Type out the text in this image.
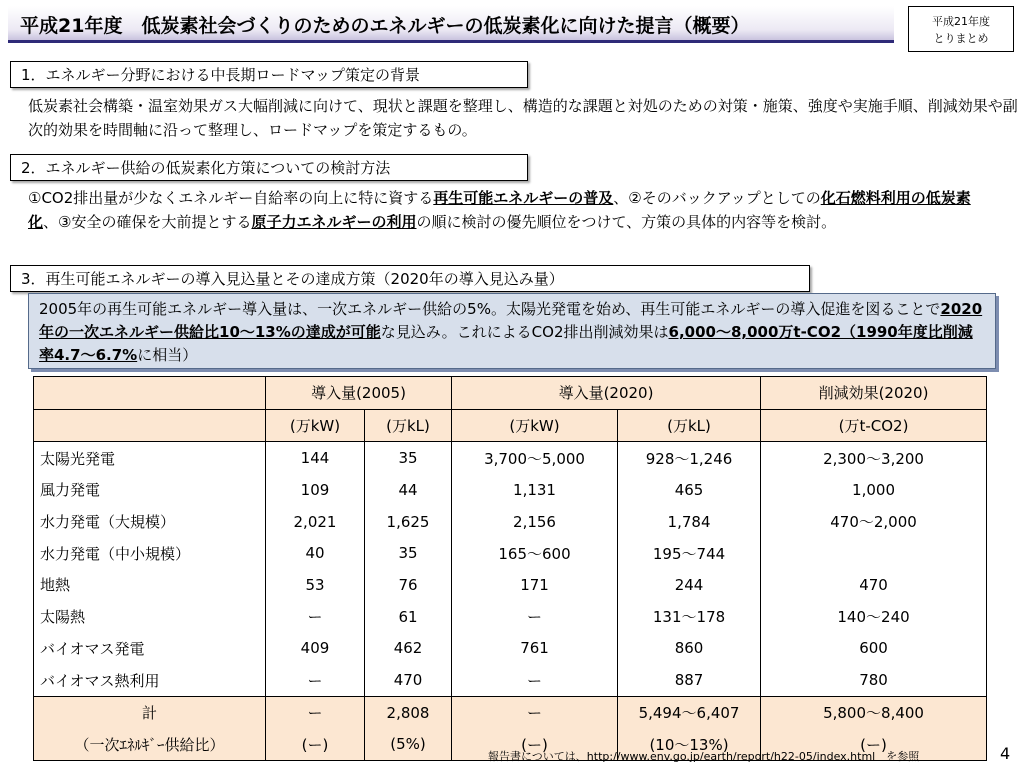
平成21年度　低炭素社会づくりのためのエネルギーの低炭素化に向けた提言（概要）	平成21年度
とりまとめ
1．エネルギー分野における中長期ロードマップ策定の背景
低炭素社会構築・温室効果ガス大幅削減に向けて、現状と課題を整理し、構造的な課題と対処のための対策・施策、強度や実施手順、削減効果や副次的効果を時間軸に沿って整理し、ロードマップを策定するもの。
2．エネルギー供給の低炭素化方策についての検討方法
①CO2排出量が少なくエネルギー自給率の向上に特に資する再生可能エネルギーの普及、②そのバックアップとしての化石燃料利用の低炭素化、③安全の確保を大前提とする原子力エネルギーの利用の順に検討の優先順位をつけて、方策の具体的内容等を検討。
3．再生可能エネルギーの導入見込量とその達成方策（2020年の導入見込み量）
2005年の再生可能エネルギー導入量は、一次エネルギー供給の5%。太陽光発電を始め、再生可能エネルギーの導入促進を図ることで2020年の一次エネルギー供給比10～13%の達成が可能な見込み。これによるCO2排出削減効果は6,000～8,000万t-CO2（1990年度比削減率4.7～6.7%に相当）
	導入量(2005)		導入量(2020)		削減効果(2020)
	(万kW)	(万kL)	(万kW)	(万kL)	(万t-CO2)
太陽光発電	144	35	3,700～5,000	928～1,246	2,300～3,200
風力発電	109	44	1,131	465	1,000
水力発電（大規模）	2,021	1,625	2,156	1,784	470～2,000
水力発電（中小規模）	40	35	165～600	195～744	
地熱	53	76	171	244	470
太陽熱	ー	61	ー	131～178	140～240
バイオマス発電	409	462	761	860	600
バイオマス熱利用	ー	470	ー	887	780
計	ー	2,808	ー	5,494～6,407	5,800～8,400
（一次ｴﾈﾙｷﾞｰ供給比）	(ー)	(5%)	(ー)	(10～13%)	(ー)
報告書については、http://www.env.go.jp/earth/report/h22-05/index.html　を参照	4
